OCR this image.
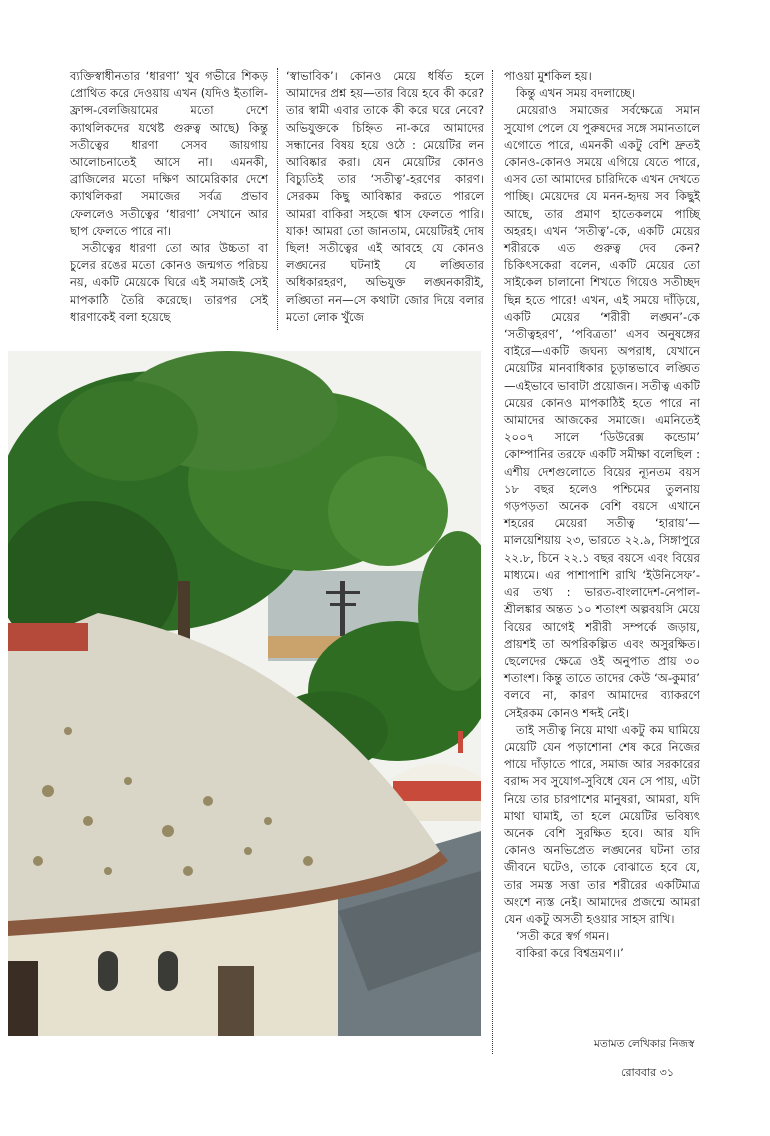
ব্যক্তিস্বাধীনতার ‘ধারণা’ খুব গভীরে শিকড় প্রোথিত করে দেওয়ায় এখন (যদিও ইতালি-ফ্রান্স-বেলজিয়ামের মতো দেশে ক্যাথলিকদের যথেষ্ট গুরুত্ব আছে) কিন্তু সতীত্বের ধারণা সেসব জায়গায় আলোচনাতেই আসে না। এমনকী, ব্রাজিলের মতো দক্ষিণ আমেরিকার দেশে ক্যাথলিকরা সমাজের সর্বত্র প্রভাব ফেললেও সতীত্বের ‘ধারণা’ সেখানে আর ছাপ ফেলতে পারে না।

সতীত্বের ধারণা তো আর উচ্চতা বা চুলের রঙের মতো কোনও জন্মগত পরিচয় নয়, একটি মেয়েকে ঘিরে এই সমাজই সেই মাপকাঠি তৈরি করেছে। তারপর সেই ধারণাকেই বলা হয়েছে

‘স্বাভাবিক’। কোনও মেয়ে ধর্ষিত হলে আমাদের প্রশ্ন হয়—তার বিয়ে হবে কী করে? তার স্বামী এবার তাকে কী করে ঘরে নেবে? অভিযুক্তকে চিহ্নিত না-করে আমাদের সন্ধানের বিষয় হয়ে ওঠে : মেয়েটির লন আবিষ্কার করা। যেন মেয়েটির কোনও বিচ্যুতিই তার ‘সতীত্ব’-হরণের কারণ। সেরকম কিছু আবিষ্কার করতে পারলে আমরা বাকিরা সহজে শ্বাস ফেলতে পারি। যাক! আমরা তো জানতাম, মেয়েটিরই দোষ ছিল! সতীত্বের এই আবহে যে কোনও লঙ্ঘনের ঘটনাই যে লঙ্ঘিতার অধিকারহরণ, অভিযুক্ত লঙ্ঘনকারীই, লঙ্ঘিতা নন—সে কথাটা জোর দিয়ে বলার মতো লোক খুঁজে

পাওয়া মুশকিল হয়।

কিন্তু এখন সময় বদলাচ্ছে।

মেয়েরাও সমাজের সর্বক্ষেত্রে সমান সুযোগ পেলে যে পুরুষদের সঙ্গে সমানতালে এগোতে পারে, এমনকী একটু বেশি দ্রুতই কোনও-কোনও সময়ে এগিয়ে যেতে পারে, এসব তো আমাদের চারিদিকে এখন দেখতে পাচ্ছি। মেয়েদের যে মনন-হৃদয় সব কিছুই আছে, তার প্রমাণ হাতেকলমে পাচ্ছি অহরহ। এখন ‘সতীত্ব’-কে, একটি মেয়ের শরীরকে এত গুরুত্ব দেব কেন? চিকিৎসকেরা বলেন, একটি মেয়ের তো সাইকেল চালানো শিখতে গিয়েও সতীচ্ছদ ছিন্ন হতে পারে! এখন, এই সময়ে দাঁড়িয়ে, একটি মেয়ের ‘শরীরী লঙ্ঘন’-কে ‘সতীত্বহরণ’, ‘পবিত্রতা’ এসব অনুষঙ্গের বাইরে—একটি জঘন্য অপরাধ, যেখানে মেয়েটির মানবাধিকার চূড়ান্তভাবে লঙ্ঘিত—এইভাবে ভাবাটা প্রয়োজন। সতীত্ব একটি মেয়ের কোনও মাপকাঠিই হতে পারে না আমাদের আজকের সমাজে। এমনিতেই ২০০৭ সালে ‘ডিউরেক্স কন্ডোম’ কোম্পানির তরফে একটি সমীক্ষা বলেছিল : এশীয় দেশগুলোতে বিয়ের ন্যূনতম বয়স ১৮ বছর হলেও পশ্চিমের তুলনায় গড়পড়তা অনেক বেশি বয়সে এখানে শহরের মেয়েরা সতীত্ব ‘হারায়’—মালয়েশিয়ায় ২৩, ভারতে ২২.৯, সিঙ্গাপুরে ২২.৮, চিনে ২২.১ বছর বয়সে এবং বিয়ের মাধ্যমে। এর পাশাপাশি রাখি ‘ইউনিসেফ’-এর তথ্য : ভারত-বাংলাদেশ-নেপাল-শ্রীলঙ্কার অন্তত ১০ শতাংশ অল্পবয়সি মেয়ে বিয়ের আগেই শরীরী সম্পর্কে জড়ায়, প্রায়শই তা অপরিকল্পিত এবং অসুরক্ষিত। ছেলেদের ক্ষেত্রে ওই অনুপাত প্রায় ৩০ শতাংশ। কিন্তু তাতে তাদের কেউ ‘অ-কুমার’ বলবে না, কারণ আমাদের ব্যাকরণে সেইরকম কোনও শব্দই নেই।

তাই সতীত্ব নিয়ে মাথা একটু কম ঘামিয়ে মেয়েটি যেন পড়াশোনা শেষ করে নিজের পায়ে দাঁড়াতে পারে, সমাজ আর সরকারের বরাদ্দ সব সুযোগ-সুবিধে যেন সে পায়, এটা নিয়ে তার চারপাশের মানুষরা, আমরা, যদি মাথা ঘামাই, তা হলে মেয়েটির ভবিষ্যৎ অনেক বেশি সুরক্ষিত হবে। আর যদি কোনও অনভিপ্রেত লঙ্ঘনের ঘটনা তার জীবনে ঘটেও, তাকে বোঝাতে হবে যে, তার সমস্ত সত্তা তার শরীরের একটিমাত্র অংশে ন্যস্ত নেই। আমাদের প্রজন্মে আমরা যেন একটু অসতী হওয়ার সাহস রাখি।

‘সতী করে স্বর্গ গমন।

বাকিরা করে বিশ্বভ্রমণ।।’

মতামত লেখিকার নিজস্ব
রোববার ৩১
